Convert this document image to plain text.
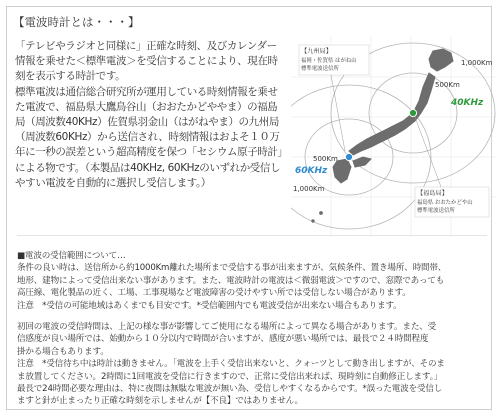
【電波時計とは・・・】

「テレビやラジオと同様に」正確な時刻、及びカレンダー情報を乗せた＜標準電波＞を受信することにより、現在時刻を表示する時計です。

標準電波は通信総合研究所が運用している時刻情報を乗せた電波で、福島県大鷹鳥谷山（おおたかどややま）の福島局（周波数40KHz）佐賀県羽金山（はがねやま）の九州局（周波数60KHz）から送信され、時刻情報はおよそ１０万年に一秒の誤差という超高精度を保つ「セシウム原子時計」による物です。（本製品は40KHz, 60KHzのいずれか受信しやすい電波を自動的に選択し受信します。）

【九州局】
福岡・佐賀県 はがね山
標準電波送信所
【福島局】
福島県 おおたかどや山
標準電波送信所
1,000Km
500Km
40KHz
60KHz
500Km
1,000Km

■電波の受信範囲について…

条件の良い時は、送信所から約1000Km離れた場所まで受信する事が出来ますが、気候条件、置き場所、時間帯、

地形、建物によって受信出来ない事があります。また、電波時計の電波は＜微弱電波＞ですので、窓際であっても

高圧線、電化製品の近く、工場、工事現場など電波障害の受けやすい所では受信しない場合があります。

注意　*受信の可能地域はあくまでも目安です。*受信範囲内でも電波受信が出来ない場合もあります。

初回の電波の受信時間は、上記の様な事が影響してご使用になる場所によって異なる場合があります。また、受

信感度が良い場所では、始動から１０分以内で時間が合いますが、感度が悪い場所では、最長で２４時間程度

掛かる場合もあります。

注意　*受信待ち中は時計は動きません。「電波を上手く受信出来ないと、クォーツとして動き出しますが、そのま

ま放置してください。2時間に1回電波を受信に行きますので、正常に受信出来れば、現時刻に自動修正します。」

最長で24時間必要な理由は、特に夜間は無駄な電波が無い為、受信しやすくなるからです。*誤った電波を受信し

ますと針が止まったり正確な時刻を示しませんが【不良】ではありません。
